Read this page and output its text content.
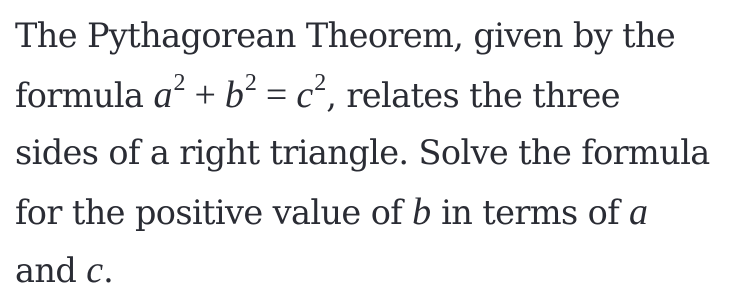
The Pythagorean Theorem, given by the
formula $a^2 + b^2 = c^2$, relates the three
sides of a right triangle. Solve the formula
for the positive value of b in terms of a
and c.
